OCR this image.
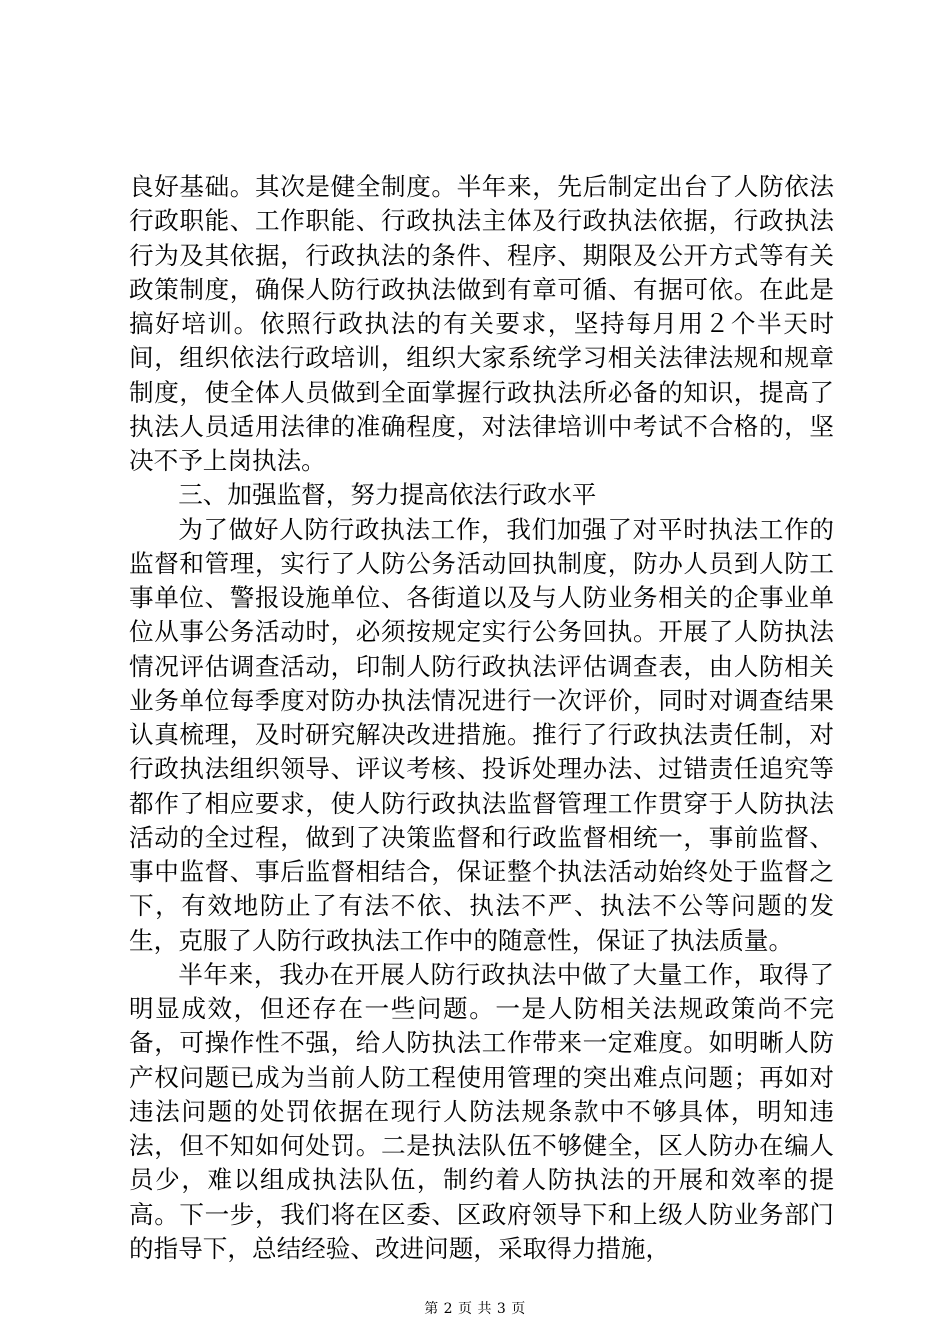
良好基础。其次是健全制度。半年来，先后制定出台了人防依法行政职能、工作职能、行政执法主体及行政执法依据，行政执法行为及其依据，行政执法的条件、程序、期限及公开方式等有关政策制度，确保人防行政执法做到有章可循、有据可依。在此是搞好培训。依照行政执法的有关要求，坚持每月用２个半天时间，组织依法行政培训，组织大家系统学习相关法律法规和规章制度，使全体人员做到全面掌握行政执法所必备的知识，提高了执法人员适用法律的准确程度，对法律培训中考试不合格的，坚决不予上岗执法。

三、加强监督，努力提高依法行政水平

为了做好人防行政执法工作，我们加强了对平时执法工作的监督和管理，实行了人防公务活动回执制度，防办人员到人防工事单位、警报设施单位、各街道以及与人防业务相关的企事业单位从事公务活动时，必须按规定实行公务回执。开展了人防执法情况评估调查活动，印制人防行政执法评估调查表，由人防相关业务单位每季度对防办执法情况进行一次评价，同时对调查结果认真梳理，及时研究解决改进措施。推行了行政执法责任制，对行政执法组织领导、评议考核、投诉处理办法、过错责任追究等都作了相应要求，使人防行政执法监督管理工作贯穿于人防执法活动的全过程，做到了决策监督和行政监督相统一，事前监督、事中监督、事后监督相结合，保证整个执法活动始终处于监督之下，有效地防止了有法不依、执法不严、执法不公等问题的发生，克服了人防行政执法工作中的随意性，保证了执法质量。

半年来，我办在开展人防行政执法中做了大量工作，取得了明显成效，但还存在一些问题。一是人防相关法规政策尚不完备，可操作性不强，给人防执法工作带来一定难度。如明晰人防产权问题已成为当前人防工程使用管理的突出难点问题；再如对违法问题的处罚依据在现行人防法规条款中不够具体，明知违法，但不知如何处罚。二是执法队伍不够健全，区人防办在编人员少，难以组成执法队伍，制约着人防执法的开展和效率的提高。下一步，我们将在区委、区政府领导下和上级人防业务部门的指导下，总结经验、改进问题，采取得力措施，

第 2 页 共 3 页
